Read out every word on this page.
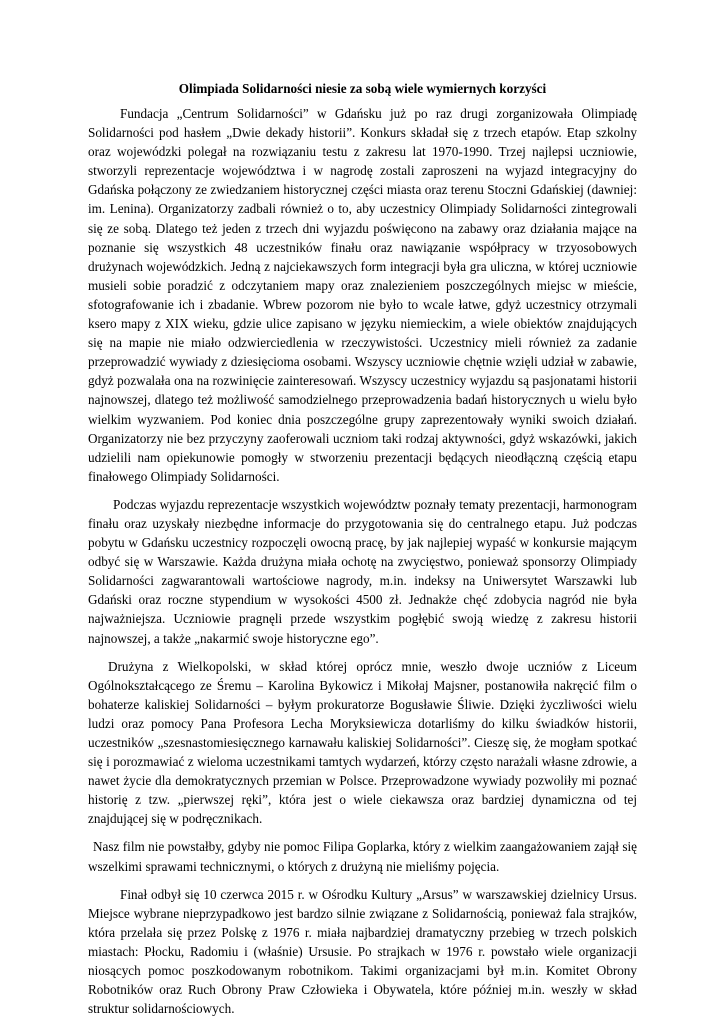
Olimpiada Solidarności niesie za sobą wiele wymiernych korzyści

Fundacja „Centrum Solidarności” w Gdańsku już po raz drugi zorganizowała Olimpiadę Solidarności pod hasłem „Dwie dekady historii”. Konkurs składał się z trzech etapów. Etap szkolny oraz wojewódzki polegał na rozwiązaniu testu z zakresu lat 1970-1990. Trzej najlepsi uczniowie, stworzyli reprezentacje województwa i w nagrodę zostali zaproszeni na wyjazd integracyjny do Gdańska połączony ze zwiedzaniem historycznej części miasta oraz terenu Stoczni Gdańskiej (dawniej: im. Lenina). Organizatorzy zadbali również o to, aby uczestnicy Olimpiady Solidarności zintegrowali się ze sobą. Dlatego też jeden z trzech dni wyjazdu poświęcono na zabawy oraz działania mające na poznanie się wszystkich 48 uczestników finału oraz nawiązanie współpracy w trzyosobowych drużynach wojewódzkich. Jedną z najciekawszych form integracji była gra uliczna, w której uczniowie musieli sobie poradzić z odczytaniem mapy oraz znalezieniem poszczególnych miejsc w mieście, sfotografowanie ich i zbadanie. Wbrew pozorom nie było to wcale łatwe, gdyż uczestnicy otrzymali ksero mapy z XIX wieku, gdzie ulice zapisano w języku niemieckim, a wiele obiektów znajdujących się na mapie nie miało odzwierciedlenia w rzeczywistości. Uczestnicy mieli również za zadanie przeprowadzić wywiady z dziesięcioma osobami. Wszyscy uczniowie chętnie wzięli udział w zabawie, gdyż pozwalała ona na rozwinięcie zainteresowań. Wszyscy uczestnicy wyjazdu są pasjonatami historii najnowszej, dlatego też możliwość samodzielnego przeprowadzenia badań historycznych u wielu było wielkim wyzwaniem. Pod koniec dnia poszczególne grupy zaprezentowały wyniki swoich działań. Organizatorzy nie bez przyczyny zaoferowali uczniom taki rodzaj aktywności, gdyż wskazówki, jakich udzielili nam opiekunowie pomogły w stworzeniu prezentacji będących nieodłączną częścią etapu finałowego Olimpiady Solidarności.

Podczas wyjazdu reprezentacje wszystkich województw poznały tematy prezentacji, harmonogram finału oraz uzyskały niezbędne informacje do przygotowania się do centralnego etapu. Już podczas pobytu w Gdańsku uczestnicy rozpoczęli owocną pracę, by jak najlepiej wypaść w konkursie mającym odbyć się w Warszawie. Każda drużyna miała ochotę na zwycięstwo, ponieważ sponsorzy Olimpiady Solidarności zagwarantowali wartościowe nagrody, m.in. indeksy na Uniwersytet Warszawki lub Gdański oraz roczne stypendium w wysokości 4500 zł. Jednakże chęć zdobycia nagród nie była najważniejsza. Uczniowie pragnęli przede wszystkim pogłębić swoją wiedzę z zakresu historii najnowszej, a także „nakarmić swoje historyczne ego”.

Drużyna z Wielkopolski, w skład której oprócz mnie, weszło dwoje uczniów z Liceum Ogólnokształcącego ze Śremu – Karolina Bykowicz i Mikołaj Majsner, postanowiła nakręcić film o bohaterze kaliskiej Solidarności – byłym prokuratorze Bogusławie Śliwie. Dzięki życzliwości wielu ludzi oraz pomocy Pana Profesora Lecha Moryksiewicza dotarliśmy do kilku świadków historii, uczestników „szesnastomiesięcznego karnawału kaliskiej Solidarności”. Cieszę się, że mogłam spotkać się i porozmawiać z wieloma uczestnikami tamtych wydarzeń, którzy często narażali własne zdrowie, a nawet życie dla demokratycznych przemian w Polsce. Przeprowadzone wywiady pozwoliły mi poznać historię z tzw. „pierwszej ręki”, która jest o wiele ciekawsza oraz bardziej dynamiczna od tej znajdującej się w podręcznikach.

Nasz film nie powstałby, gdyby nie pomoc Filipa Goplarka, który z wielkim zaangażowaniem zajął się wszelkimi sprawami technicznymi, o których z drużyną nie mieliśmy pojęcia.

Finał odbył się 10 czerwca 2015 r. w Ośrodku Kultury „Arsus” w warszawskiej dzielnicy Ursus. Miejsce wybrane nieprzypadkowo jest bardzo silnie związane z Solidarnością, ponieważ fala strajków, która przelała się przez Polskę z 1976 r. miała najbardziej dramatyczny przebieg w trzech polskich miastach: Płocku, Radomiu i (właśnie) Ursusie. Po strajkach w 1976 r. powstało wiele organizacji niosących pomoc poszkodowanym robotnikom. Takimi organizacjami był m.in. Komitet Obrony Robotników oraz Ruch Obrony Praw Człowieka i Obywatela, które później m.in. weszły w skład struktur solidarnościowych.
